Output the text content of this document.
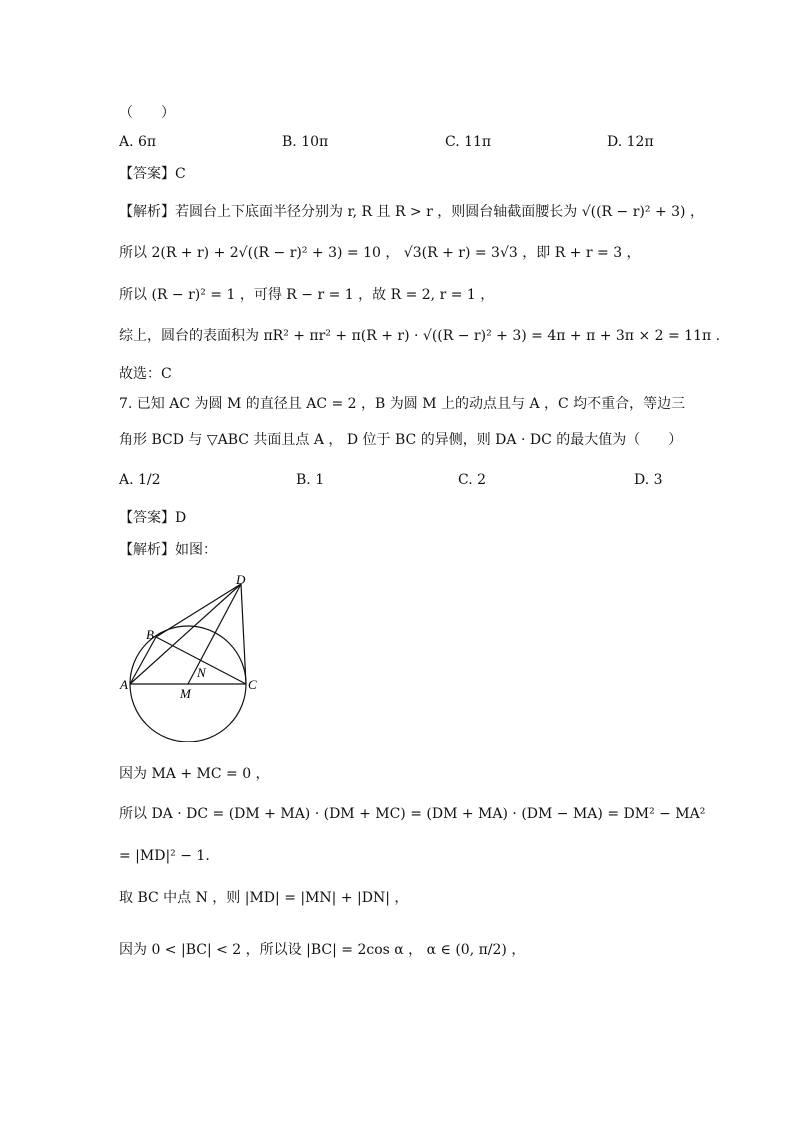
（　　）
A. 6π	B. 10π	C. 11π	D. 12π
【答案】C
【解析】若圆台上下底面半径分别为 r, R 且 R > r ，则圆台轴截面腰长为 √((R − r)² + 3) ，
所以 2(R + r) + 2√((R − r)² + 3) = 10 ， √3(R + r) = 3√3 ，即 R + r = 3 ，
所以 (R − r)² = 1 ，可得 R − r = 1 ，故 R = 2, r = 1 ，
综上，圆台的表面积为 πR² + πr² + π(R + r) · √((R − r)² + 3) = 4π + π + 3π × 2 = 11π .
故选：C
7. 已知 AC 为圆 M 的直径且 AC = 2 ，B 为圆 M 上的动点且与 A ，C 均不重合，等边三
角形 BCD 与 ▽ABC 共面且点 A ， D 位于 BC 的异侧，则 DA · DC 的最大值为（　　）
A. 1/2	B. 1	C. 2	D. 3
【答案】D
【解析】如图：
D
B
N
A
M
C
因为 MA + MC = 0 ，
所以 DA · DC = (DM + MA) · (DM + MC) = (DM + MA) · (DM − MA) = DM² − MA²
= |MD|² − 1.
取 BC 中点 N ，则 |MD| = |MN| + |DN| ，
因为 0 < |BC| < 2 ，所以设 |BC| = 2cos α ， α ∈ (0, π/2) ，
